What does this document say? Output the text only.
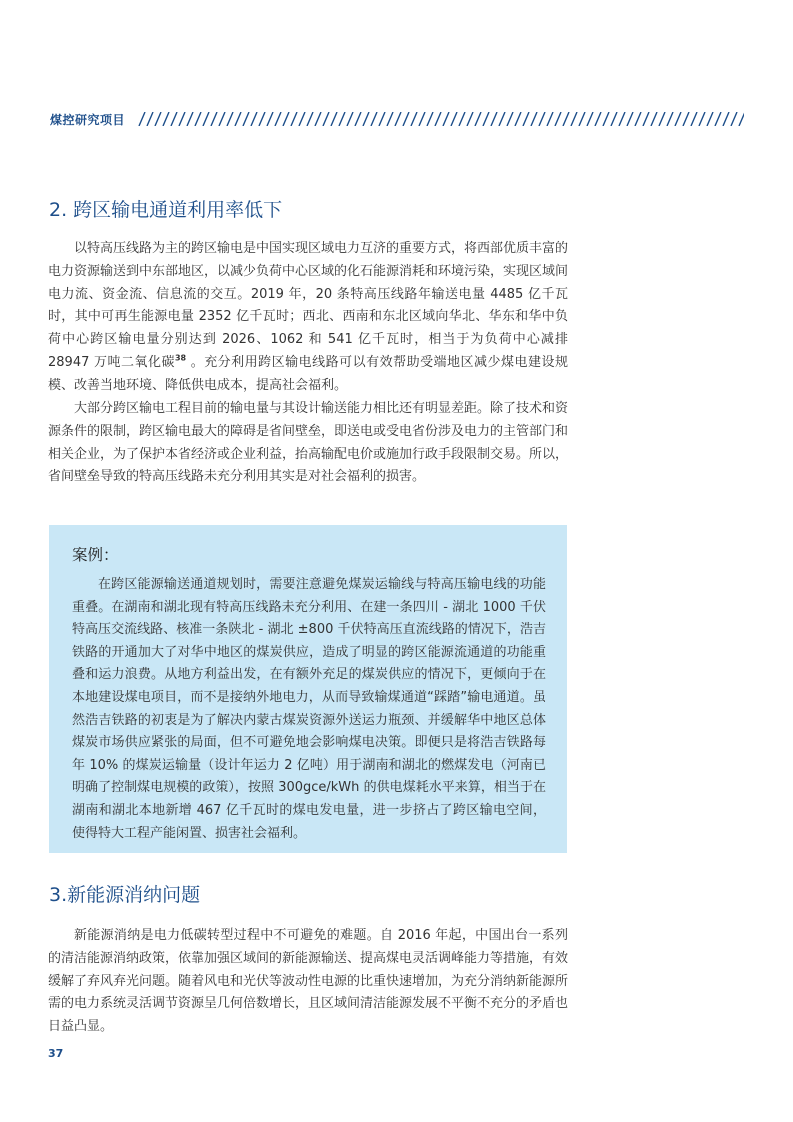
煤控研究项目
2. 跨区输电通道利用率低下

以特高压线路为主的跨区输电是中国实现区域电力互济的重要方式，将西部优质丰富的电力资源输送到中东部地区，以减少负荷中心区域的化石能源消耗和环境污染，实现区域间电力流、资金流、信息流的交互。2019 年，20 条特高压线路年输送电量 4485 亿千瓦时，其中可再生能源电量 2352 亿千瓦时；西北、西南和东北区域向华北、华东和华中负荷中心跨区输电量分别达到 2026、1062 和 541 亿千瓦时，相当于为负荷中心减排 28947 万吨二氧化碳$^{38}$ 。充分利用跨区输电线路可以有效帮助受端地区减少煤电建设规模、改善当地环境、降低供电成本，提高社会福利。

大部分跨区输电工程目前的输电量与其设计输送能力相比还有明显差距。除了技术和资源条件的限制，跨区输电最大的障碍是省间壁垒，即送电或受电省份涉及电力的主管部门和相关企业，为了保护本省经济或企业利益，抬高输配电价或施加行政手段限制交易。所以，省间壁垒导致的特高压线路未充分利用其实是对社会福利的损害。

案例：

在跨区能源输送通道规划时，需要注意避免煤炭运输线与特高压输电线的功能重叠。在湖南和湖北现有特高压线路未充分利用、在建一条四川 - 湖北 1000 千伏特高压交流线路、核准一条陕北 - 湖北 ±800 千伏特高压直流线路的情况下，浩吉铁路的开通加大了对华中地区的煤炭供应，造成了明显的跨区能源流通道的功能重叠和运力浪费。从地方利益出发，在有额外充足的煤炭供应的情况下，更倾向于在本地建设煤电项目，而不是接纳外地电力，从而导致输煤通道“踩踏”输电通道。虽然浩吉铁路的初衷是为了解决内蒙古煤炭资源外送运力瓶颈、并缓解华中地区总体煤炭市场供应紧张的局面，但不可避免地会影响煤电决策。即便只是将浩吉铁路每年 10% 的煤炭运输量（设计年运力 2 亿吨）用于湖南和湖北的燃煤发电（河南已明确了控制煤电规模的政策），按照 300gce/kWh 的供电煤耗水平来算，相当于在湖南和湖北本地新增 467 亿千瓦时的煤电发电量，进一步挤占了跨区输电空间，使得特大工程产能闲置、损害社会福利。

3.新能源消纳问题

新能源消纳是电力低碳转型过程中不可避免的难题。自 2016 年起，中国出台一系列的清洁能源消纳政策，依靠加强区域间的新能源输送、提高煤电灵活调峰能力等措施，有效缓解了弃风弃光问题。随着风电和光伏等波动性电源的比重快速增加，为充分消纳新能源所需的电力系统灵活调节资源呈几何倍数增长，且区域间清洁能源发展不平衡不充分的矛盾也日益凸显。

37
